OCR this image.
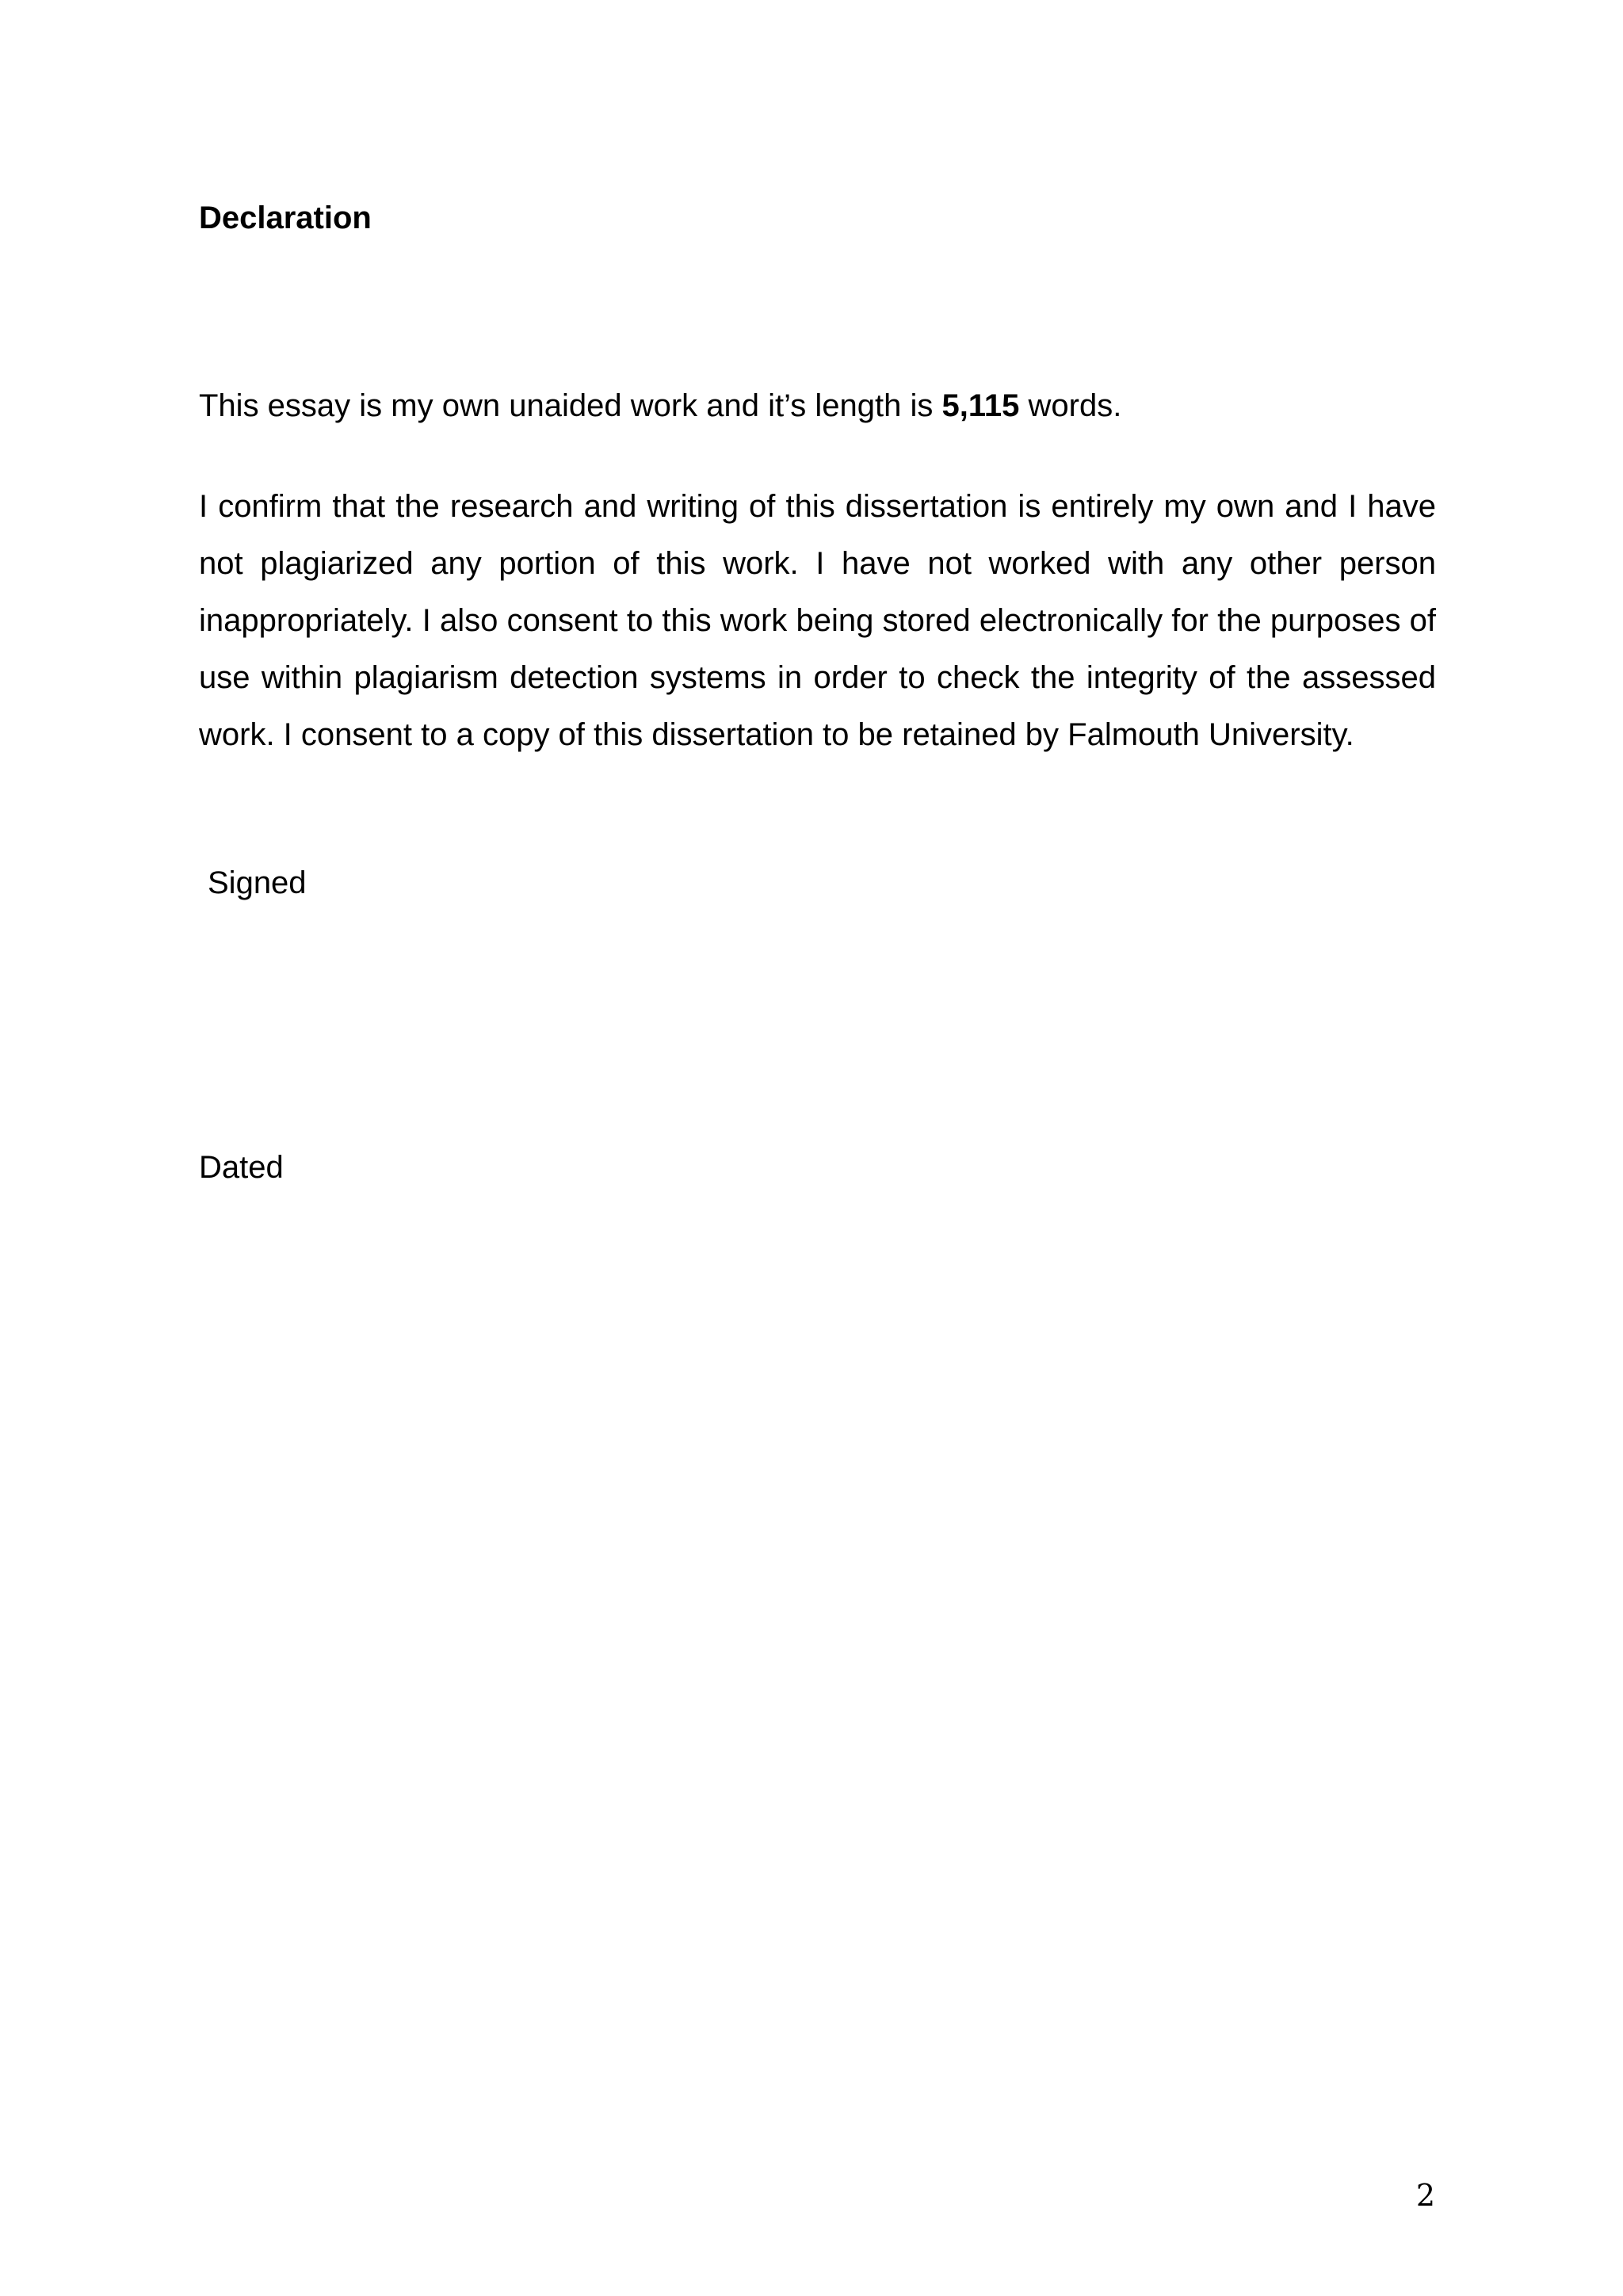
Declaration

This essay is my own unaided work and it’s length is 5,115 words.

I confirm that the research and writing of this dissertation is entirely my own and I have not plagiarized any portion of this work. I have not worked with any other person inappropriately. I also consent to this work being stored electronically for the purposes of use within plagiarism detection systems in order to check the integrity of the assessed work. I consent to a copy of this dissertation to be retained by Falmouth University.

Signed

Dated

2
